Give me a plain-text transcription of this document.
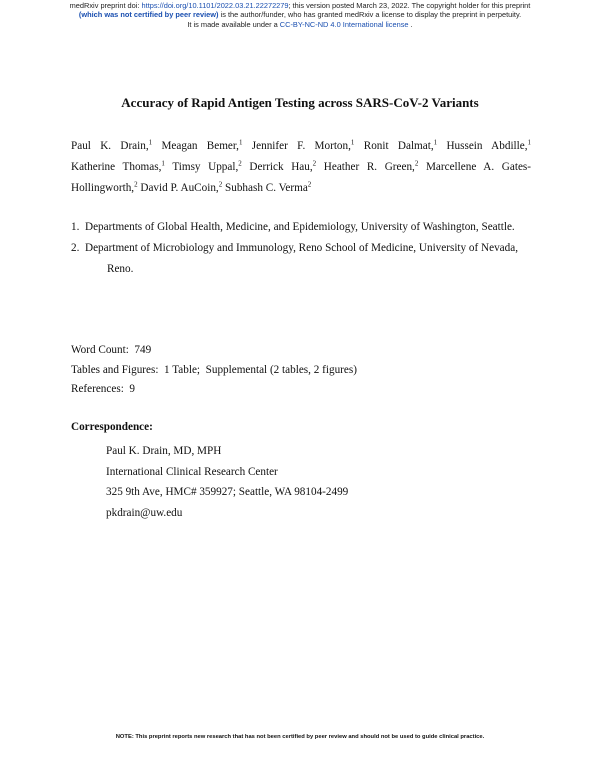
medRxiv preprint doi: https://doi.org/10.1101/2022.03.21.22272279; this version posted March 23, 2022. The copyright holder for this preprint
(which was not certified by peer review) is the author/funder, who has granted medRxiv a license to display the preprint in perpetuity.
It is made available under a CC-BY-NC-ND 4.0 International license .
Accuracy of Rapid Antigen Testing across SARS-CoV-2 Variants
Paul K. Drain,$^1$ Meagan Bemer,$^1$ Jennifer F. Morton,$^1$ Ronit Dalmat,$^1$ Hussein Abdille,$^1$
Katherine Thomas,$^1$ Timsy Uppal,$^2$ Derrick Hau,$^2$ Heather R. Green,$^2$ Marcellene A. Gates-
Hollingworth,$^2$ David P. AuCoin,$^2$ Subhash C. Verma$^2$
1. Departments of Global Health, Medicine, and Epidemiology, University of Washington, Seattle.
2. Department of Microbiology and Immunology, Reno School of Medicine, University of Nevada, Reno.
Word Count:  749
Tables and Figures:  1 Table;  Supplemental (2 tables, 2 figures)
References:  9
Correspondence:
Paul K. Drain, MD, MPH
International Clinical Research Center
325 9th Ave, HMC# 359927; Seattle, WA 98104-2499
pkdrain@uw.edu
NOTE: This preprint reports new research that has not been certified by peer review and should not be used to guide clinical practice.
